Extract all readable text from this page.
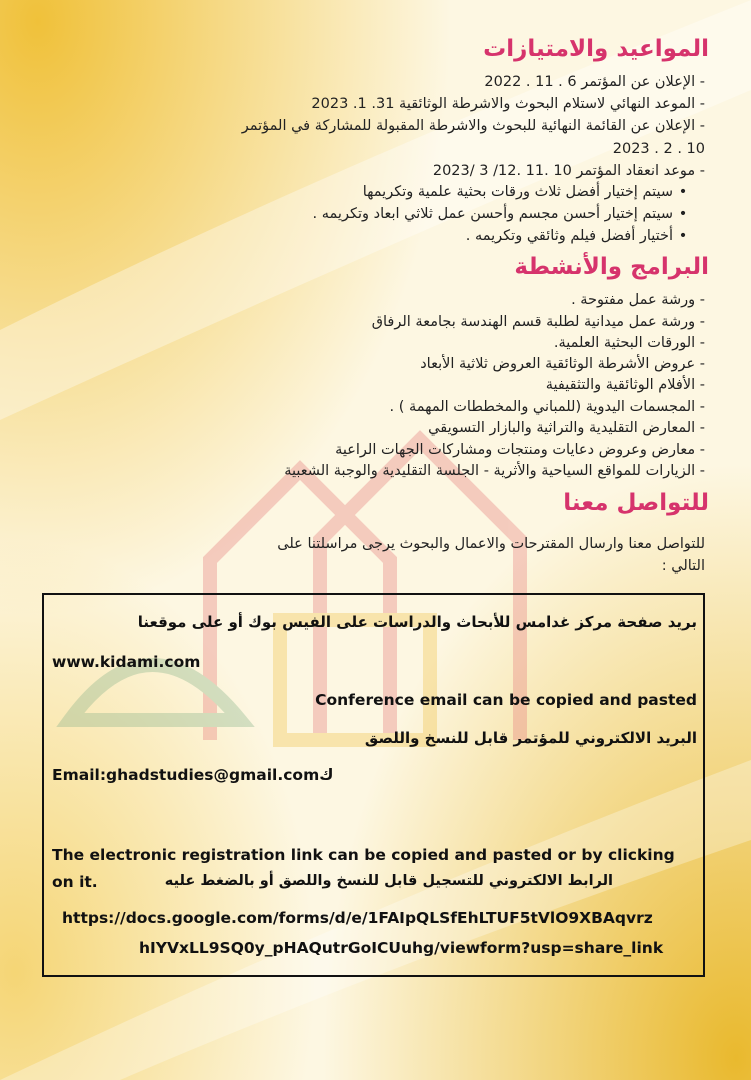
المواعيد والامتيازات

- الإعلان عن المؤتمر 6 . 11 . 2022

- الموعد النهائي لاستلام البحوث والاشرطة الوثائقية 31. 1. 2023

- الإعلان عن القائمة النهائية للبحوث والاشرطة المقبولة للمشاركة في المؤتمر

10 . 2 . 2023

- موعد انعقاد المؤتمر 10 .11 .12/ 3 /2023

• سيتم إختيار أفضل ثلاث ورقات بحثية علمية وتكريمها

• سيتم إختيار أحسن مجسم وأحسن عمل ثلاثي ابعاد وتكريمه .

• أختيار أفضل فيلم وثائقي وتكريمه .

البرامج والأنشطة

- ورشة عمل مفتوحة .

- ورشة عمل ميدانية لطلبة قسم الهندسة بجامعة الرفاق

- الورقات البحثية العلمية.

- عروض الأشرطة الوثائقية العروض ثلاثية الأبعاد

- الأفلام الوثائقية والتثقيفية

- المجسمات اليدوية (للمباني والمخططات المهمة ) .

- المعارض التقليدية والتراثية والبازار التسويقي

- معارض وعروض دعايات ومنتجات ومشاركات الجهات الراعية

- الزيارات للمواقع السياحية والأثرية - الجلسة التقليدية والوجبة الشعبية

للتواصل معنا

للتواصل معنا وارسال المقترحات والاعمال والبحوث يرجى مراسلتنا على

التالي :

بريد صفحة مركز غدامس للأبحاث والدراسات على الفيس بوك أو على موقعنا
www.kidami.com
Conference email can be copied and pasted
البريد الالكتروني للمؤتمر قابل للنسخ واللصق
Email:ghadstudies@gmail.comك
The electronic registration link can be copied and pasted or by clicking
on it.	الرابط الالكتروني للتسجيل قابل للنسخ واللصق أو بالضغط عليه
https://docs.google.com/forms/d/e/1FAIpQLSfEhLTUF5tVlO9XBAqvrz
hIYVxLL9SQ0y_pHAQutrGoICUuhg/viewform?usp=share_link
